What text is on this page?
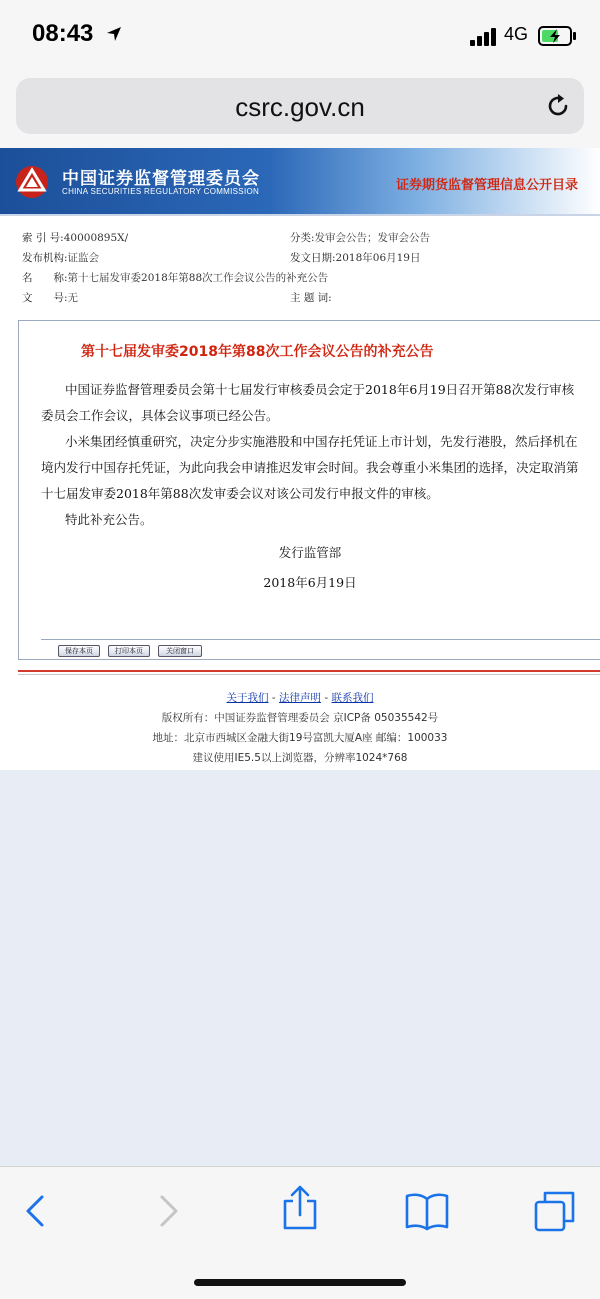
08:43	4G
csrc.gov.cn
中国证券监督管理委员会
CHINA SECURITIES REGULATORY COMMISSION	证券期货监督管理信息公开目录
索 引 号:40000895X/	分类:发审会公告；发审会公告
发布机构:证监会	发文日期:2018年06月19日
名　　称:第十七届发审委2018年第88次工作会议公告的补充公告
文　　号:无	主 题 词:
第十七届发审委2018年第88次工作会议公告的补充公告
中国证券监督管理委员会第十七届发行审核委员会定于2018年6月19日召开第88次发行审核委员会工作会议，具体会议事项已经公告。
小米集团经慎重研究，决定分步实施港股和中国存托凭证上市计划，先发行港股，然后择机在境内发行中国存托凭证，为此向我会申请推迟发审会时间。我会尊重小米集团的选择，决定取消第十七届发审委2018年第88次发审委会议对该公司发行申报文件的审核。
特此补充公告。
发行监管部
2018年6月19日
保存本页	打印本页	关闭窗口
关于我们 - 法律声明 - 联系我们
版权所有：中国证券监督管理委员会 京ICP备 05035542号
地址：北京市西城区金融大街19号富凯大厦A座 邮编：100033
建议使用IE5.5以上浏览器，分辨率1024*768
